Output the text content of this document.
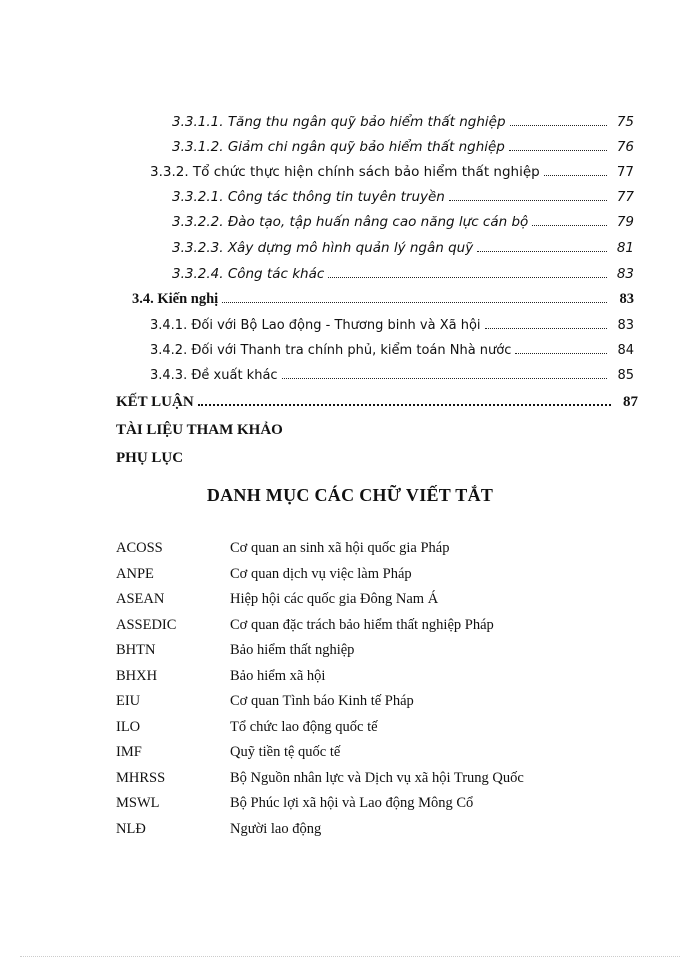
3.3.1.1. Tăng thu ngân quỹ bảo hiểm thất nghiệp	75
3.3.1.2. Giảm chi ngân quỹ bảo hiểm thất nghiệp	76
3.3.2. Tổ chức thực hiện chính sách bảo hiểm thất nghiệp	77
3.3.2.1. Công tác thông tin tuyên truyền	77
3.3.2.2. Đào tạo, tập huấn nâng cao năng lực cán bộ	79
3.3.2.3. Xây dựng mô hình quản lý ngân quỹ	81
3.3.2.4. Công tác khác	83
3.4. Kiến nghị	83
3.4.1. Đối với Bộ Lao động - Thương binh và Xã hội	83
3.4.2. Đối với Thanh tra chính phủ, kiểm toán Nhà nước	84
3.4.3. Đề xuất khác	85
KẾT LUẬN	87
TÀI LIỆU THAM KHẢO
PHỤ LỤC
DANH MỤC CÁC CHỮ VIẾT TẮT
ACOSS	Cơ quan an sinh xã hội quốc gia Pháp
ANPE	Cơ quan dịch vụ việc làm Pháp
ASEAN	Hiệp hội các quốc gia Đông Nam Á
ASSEDIC	Cơ quan đặc trách bảo hiểm thất nghiệp Pháp
BHTN	Bảo hiểm thất nghiệp
BHXH	Bảo hiểm xã hội
EIU	Cơ quan Tình báo Kinh tế Pháp
ILO	Tổ chức lao động quốc tế
IMF	Quỹ tiền tệ quốc tế
MHRSS	Bộ Nguồn nhân lực và Dịch vụ xã hội Trung Quốc
MSWL	Bộ Phúc lợi xã hội và Lao động Mông Cổ
NLĐ	Người lao động
